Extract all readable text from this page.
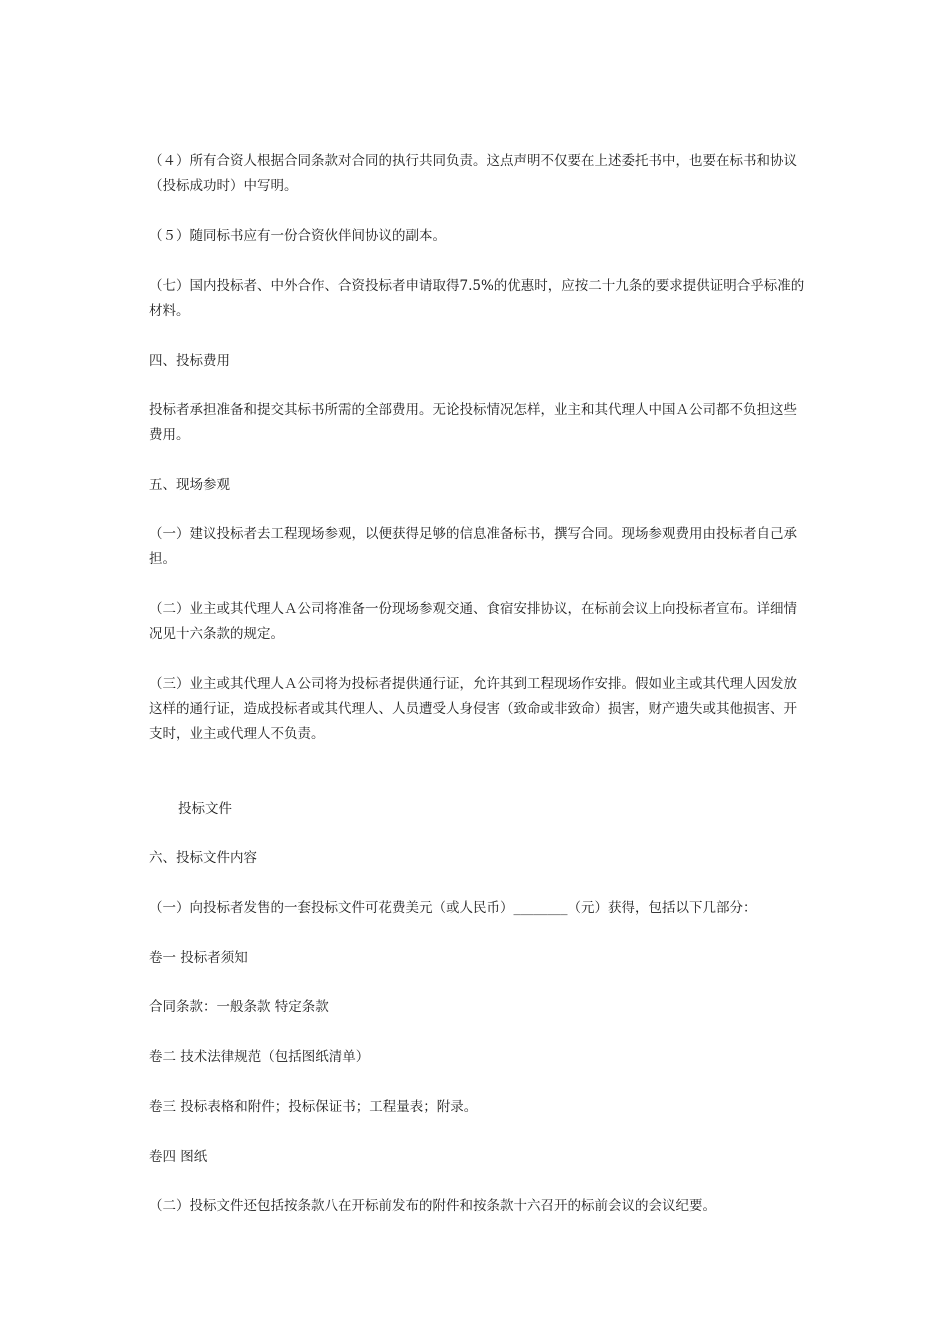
（４）所有合资人根据合同条款对合同的执行共同负责。这点声明不仅要在上述委托书中，也要在标书和协议（投标成功时）中写明。

（５）随同标书应有一份合资伙伴间协议的副本。

（七）国内投标者、中外合作、合资投标者申请取得7.5%的优惠时，应按二十九条的要求提供证明合乎标准的材料。

四、投标费用

投标者承担准备和提交其标书所需的全部费用。无论投标情况怎样，业主和其代理人中国Ａ公司都不负担这些费用。

五、现场参观

（一）建议投标者去工程现场参观，以便获得足够的信息准备标书，撰写合同。现场参观费用由投标者自己承担。

（二）业主或其代理人Ａ公司将准备一份现场参观交通、食宿安排协议，在标前会议上向投标者宣布。详细情况见十六条款的规定。

（三）业主或其代理人Ａ公司将为投标者提供通行证，允许其到工程现场作安排。假如业主或其代理人因发放这样的通行证，造成投标者或其代理人、人员遭受人身侵害（致命或非致命）损害，财产遗失或其他损害、开支时，业主或代理人不负责。

投标文件

六、投标文件内容

（一）向投标者发售的一套投标文件可花费美元（或人民币）________（元）获得，包括以下几部分：

卷一 投标者须知

合同条款：一般条款 特定条款

卷二 技术法律规范（包括图纸清单）

卷三 投标表格和附件；投标保证书；工程量表；附录。

卷四 图纸

（二）投标文件还包括按条款八在开标前发布的附件和按条款十六召开的标前会议的会议纪要。
